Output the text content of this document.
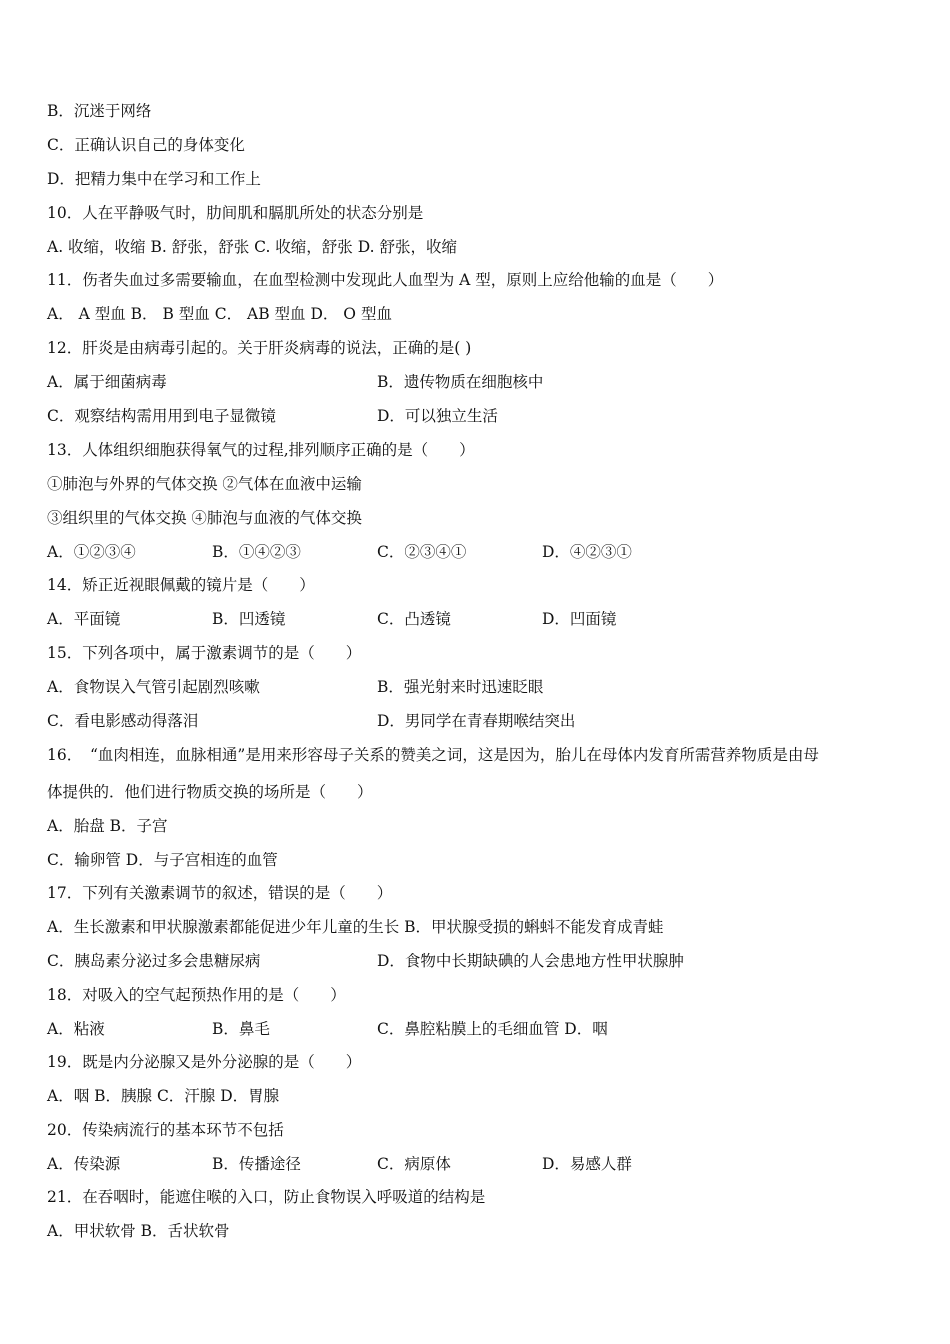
B．沉迷于网络
C．正确认识自己的身体变化
D．把精力集中在学习和工作上
10．人在平静吸气时，肋间肌和膈肌所处的状态分别是
A. 收缩，收缩 B. 舒张，舒张 C. 收缩，舒张 D. 舒张，收缩
11．伤者失血过多需要输血，在血型检测中发现此人血型为 A 型，原则上应给他输的血是（　　）
A． A 型血 B． B 型血 C． AB 型血 D． O 型血
12．肝炎是由病毒引起的。关于肝炎病毒的说法，正确的是( )
A．属于细菌病毒	B．遗传物质在细胞核中
C．观察结构需用用到电子显微镜	D．可以独立生活
13．人体组织细胞获得氧气的过程,排列顺序正确的是（　　）
①肺泡与外界的气体交换 ②气体在血液中运输
③组织里的气体交换 ④肺泡与血液的气体交换
A．①②③④	B．①④②③	C．②③④①	D．④②③①
14．矫正近视眼佩戴的镜片是（　　）
A．平面镜	B．凹透镜	C．凸透镜	D．凹面镜
15．下列各项中，属于激素调节的是（　　）
A．食物误入气管引起剧烈咳嗽	B．强光射来时迅速眨眼
C．看电影感动得落泪	D．男同学在青春期喉结突出
16．　“血肉相连，血脉相通”是用来形容母子关系的赞美之词，这是因为，胎儿在母体内发育所需营养物质是由母
体提供的．他们进行物质交换的场所是（　　）
A．胎盘 B．子宫
C．输卵管 D．与子宫相连的血管
17．下列有关激素调节的叙述，错误的是（　　）
A．生长激素和甲状腺激素都能促进少年儿童的生长 B．甲状腺受损的蝌蚪不能发育成青蛙
C．胰岛素分泌过多会患糖尿病	D．食物中长期缺碘的人会患地方性甲状腺肿
18．对吸入的空气起预热作用的是（　　）
A．粘液	B．鼻毛	C．鼻腔粘膜上的毛细血管 D．咽
19．既是内分泌腺又是外分泌腺的是（　　）
A．咽 B．胰腺 C．汗腺 D．胃腺
20．传染病流行的基本环节不包括
A．传染源	B．传播途径	C．病原体	D．易感人群
21．在吞咽时，能遮住喉的入口，防止食物误入呼吸道的结构是
A．甲状软骨 B．舌状软骨
